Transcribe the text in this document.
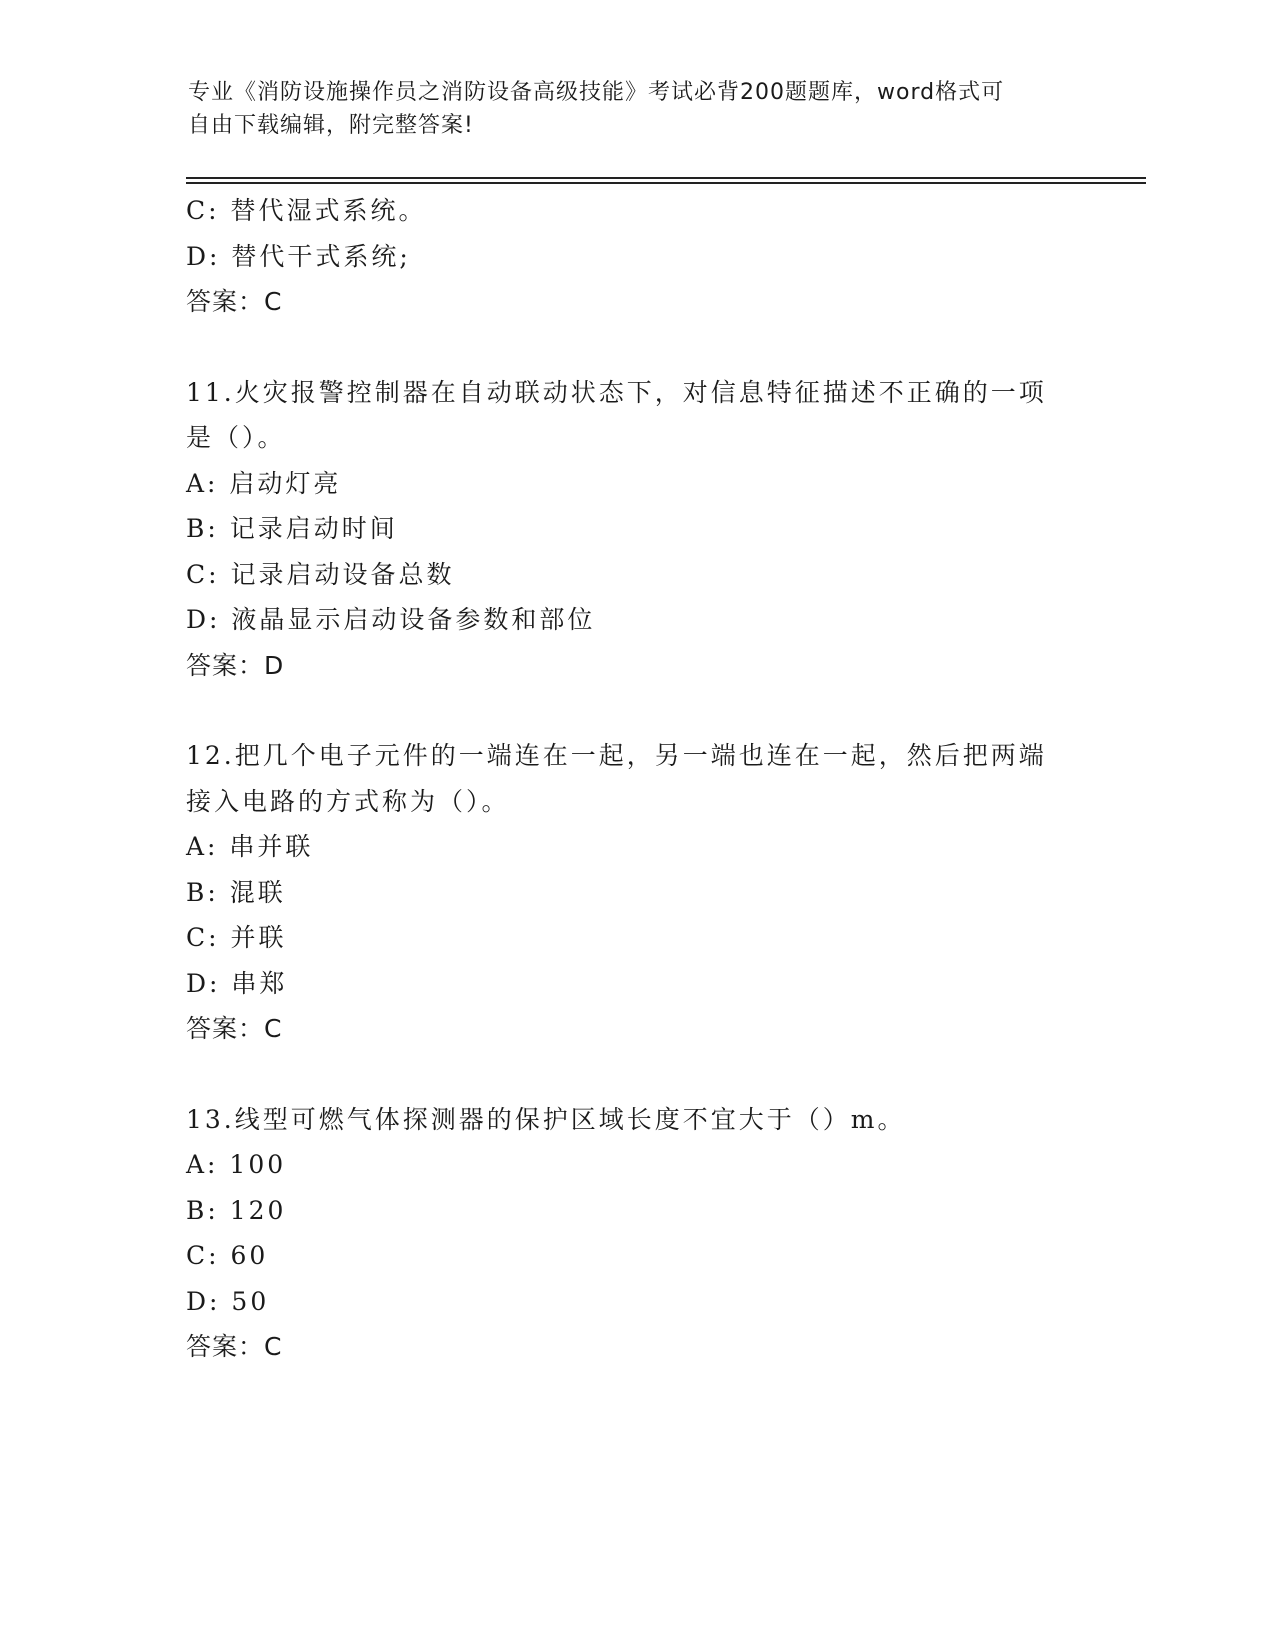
专业《消防设施操作员之消防设备高级技能》考试必背200题题库，word格式可
自由下载编辑，附完整答案!
C: 替代湿式系统。
D: 替代干式系统;
答案：C
11.火灾报警控制器在自动联动状态下，对信息特征描述不正确的一项
是（）。
A: 启动灯亮
B: 记录启动时间
C: 记录启动设备总数
D: 液晶显示启动设备参数和部位
答案：D
12.把几个电子元件的一端连在一起，另一端也连在一起，然后把两端
接入电路的方式称为（）。
A: 串并联
B: 混联
C: 并联
D: 串郑
答案：C
13.线型可燃气体探测器的保护区域长度不宜大于（）m。
A: 100
B: 120
C: 60
D: 50
答案：C
